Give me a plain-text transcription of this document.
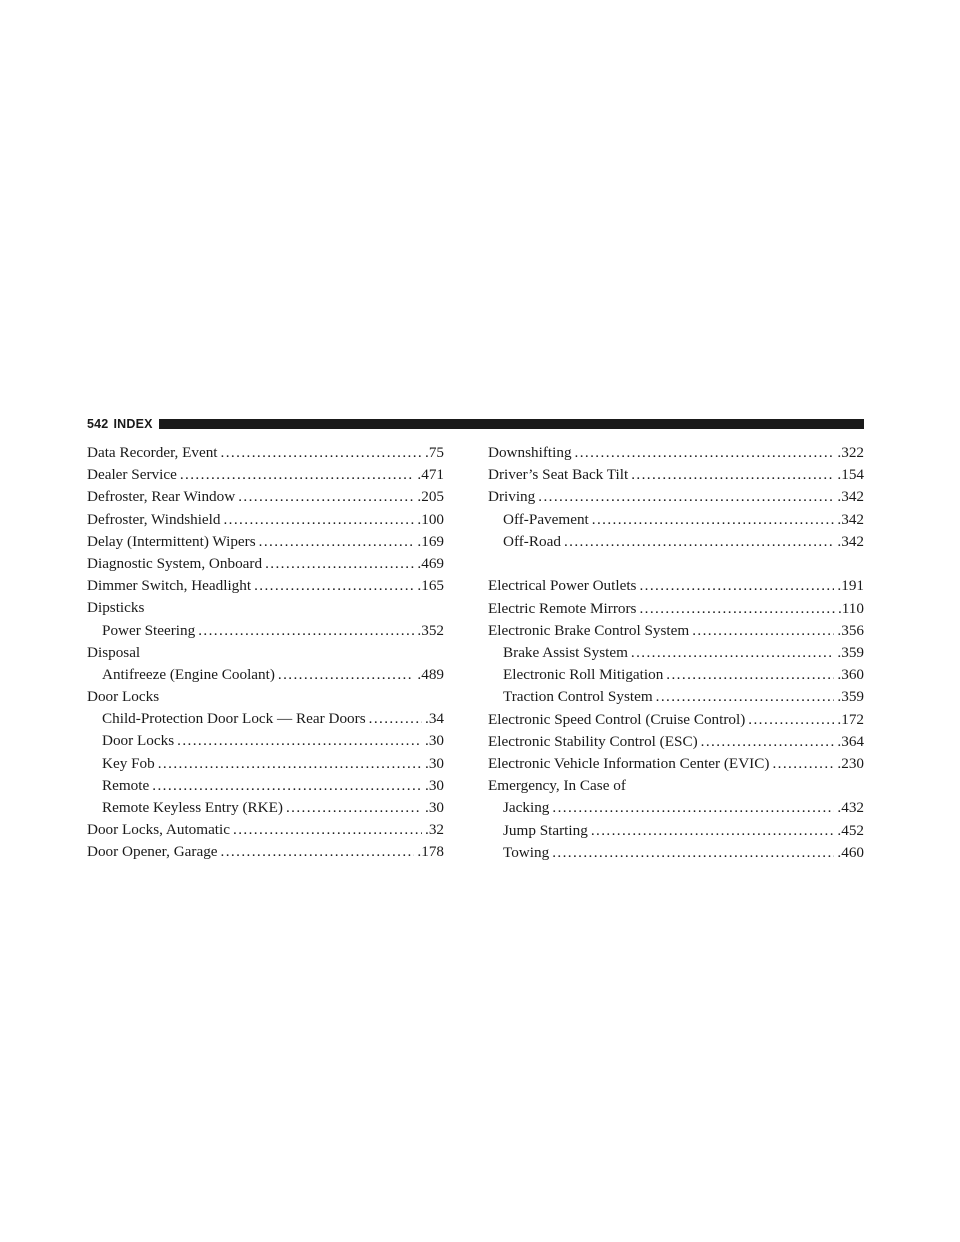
542 INDEX
Data Recorder, Event . . .	.75
Dealer Service . . .	.471
Defroster, Rear Window . . .	.205
Defroster, Windshield . . .	.100
Delay (Intermittent) Wipers . . .	.169
Diagnostic System, Onboard . . .	.469
Dimmer Switch, Headlight . . .	.165
Dipsticks
Power Steering . . .	.352
Disposal
Antifreeze (Engine Coolant) . . .	.489
Door Locks
Child-Protection Door Lock — Rear Doors . . .	.34
Door Locks . . .	.30
Key Fob . . .	.30
Remote . . .	.30
Remote Keyless Entry (RKE) . . .	.30
Door Locks, Automatic . . .	.32
Door Opener, Garage . . .	.178
Downshifting . . .	.322
Driver’s Seat Back Tilt . . .	.154
Driving . . .	.342
Off-Pavement . . .	.342
Off-Road . . .	.342
Electrical Power Outlets . . .	.191
Electric Remote Mirrors . . .	.110
Electronic Brake Control System . . .	.356
Brake Assist System . . .	.359
Electronic Roll Mitigation . . .	.360
Traction Control System . . .	.359
Electronic Speed Control (Cruise Control) . . .	.172
Electronic Stability Control (ESC) . . .	.364
Electronic Vehicle Information Center (EVIC) . . .	.230
Emergency, In Case of
Jacking . . .	.432
Jump Starting . . .	.452
Towing . . .	.460
